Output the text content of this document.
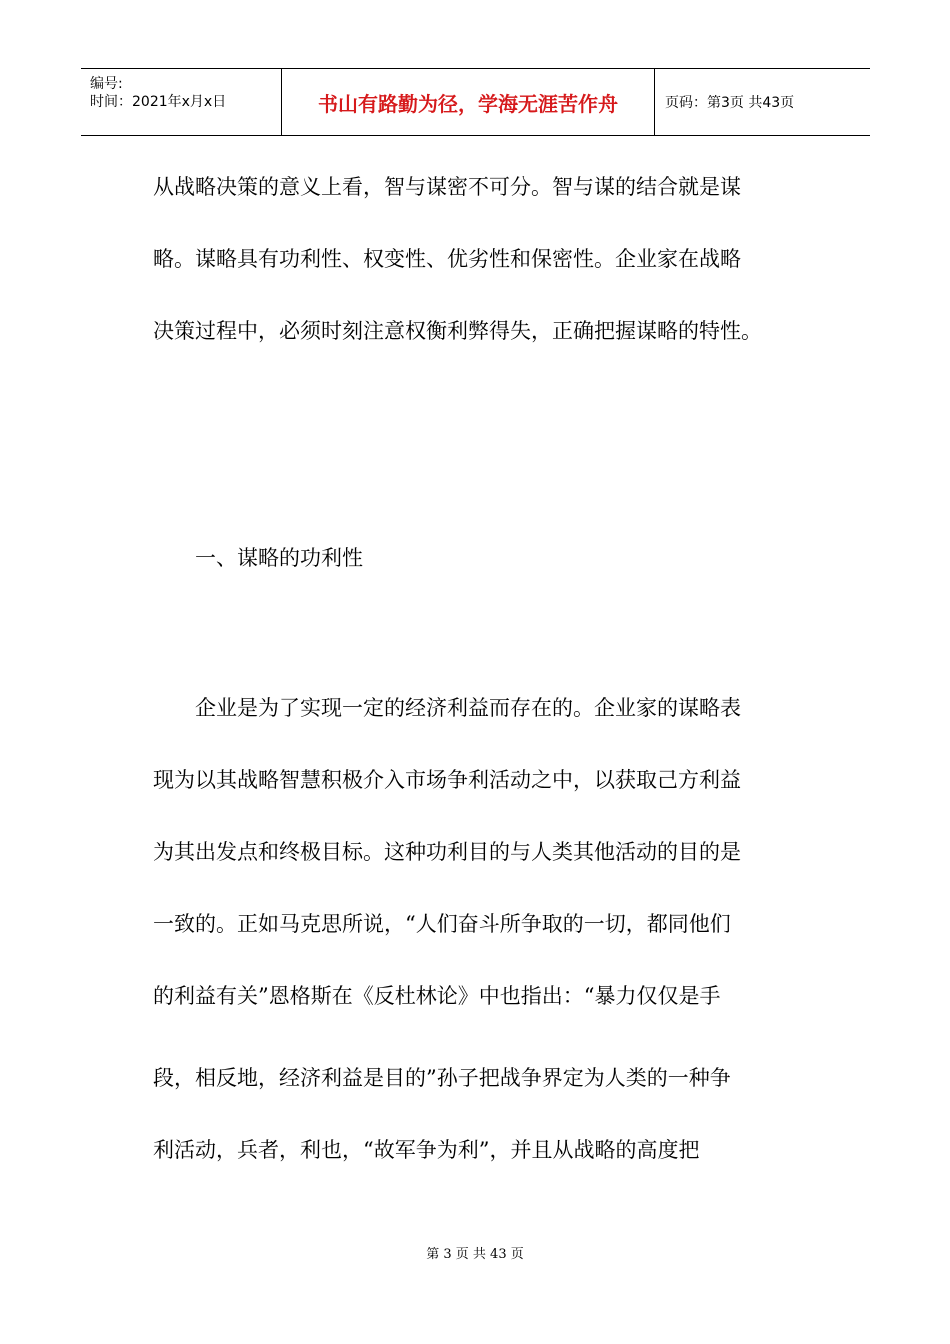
编号:
时间：2021年x月x日	书山有路勤为径，学海无涯苦作舟	页码：第3页 共43页
从战略决策的意义上看，智与谋密不可分。智与谋的结合就是谋
略。谋略具有功利性、权变性、优劣性和保密性。企业家在战略
决策过程中，必须时刻注意权衡利弊得失，正确把握谋略的特性。
一、谋略的功利性
企业是为了实现一定的经济利益而存在的。企业家的谋略表
现为以其战略智慧积极介入市场争利活动之中，以获取己方利益
为其出发点和终极目标。这种功利目的与人类其他活动的目的是
一致的。正如马克思所说，“人们奋斗所争取的一切，都同他们
的利益有关”恩格斯在《反杜林论》中也指出：“暴力仅仅是手
段，相反地，经济利益是目的”孙子把战争界定为人类的一种争
利活动，兵者，利也，“故军争为利”，并且从战略的高度把
第 3 页 共 43 页
